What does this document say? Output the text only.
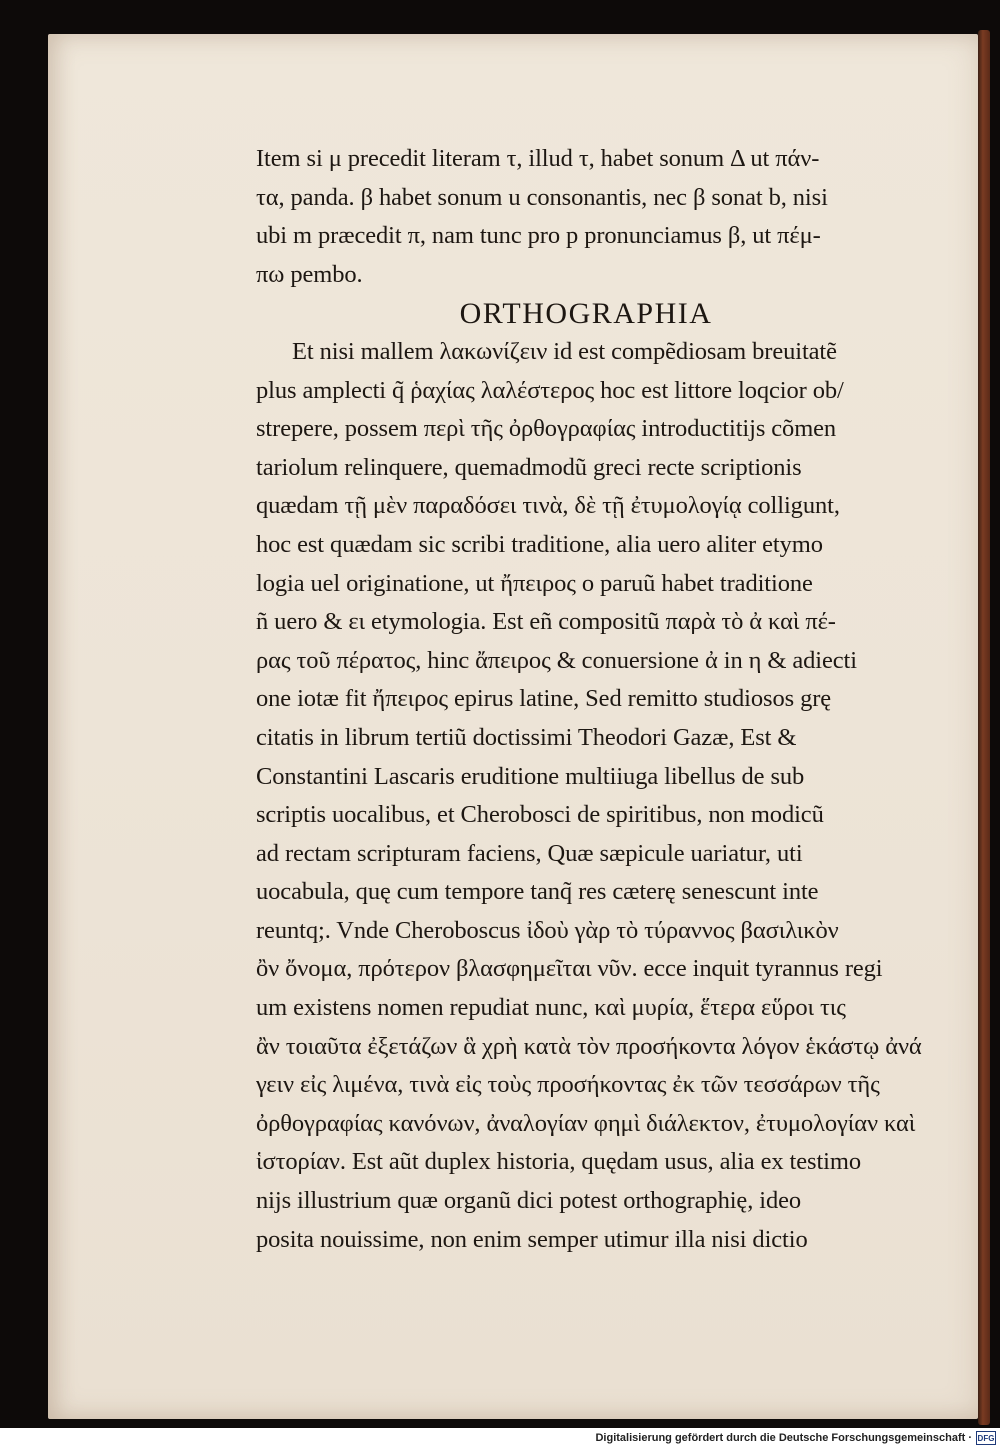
Item si μ precedit literam τ, illud τ, habet sonum Δ ut πάν-
τα, panda. β habet sonum u consonantis, nec β sonat b, nisi
ubi m præcedit π, nam tunc pro p pronunciamus β, ut πέμ-
πω pembo.
ORTHOGRAPHIA
Et nisi mallem λακωνίζειν id est compẽdiosam breuitatẽ
plus amplecti q̃ ῥαχίας λαλέστερος hoc est littore loqcior ob/
strepere, possem περὶ τῆς ὀρθογραφίας introductitijs cõmen
tariolum relinquere, quemadmodũ greci recte scriptionis
quædam τῇ μὲν παραδόσει τινὰ, δὲ τῇ ἐτυμολογίᾳ colligunt,
hoc est quædam sic scribi traditione, alia uero aliter etymo
logia uel originatione, ut ἤπειρος o paruũ habet traditione
ñ uero & ει etymologia. Est eñ compositũ παρὰ τὸ ἀ καὶ πέ-
ρας τοῦ πέρατος, hinc ἄπειρος & conuersione ἀ in η & adiecti
one iotæ fit ἤπειρος epirus latine, Sed remitto studiosos grę
citatis in librum tertiũ doctissimi Theodori Gazæ, Est &
Constantini Lascaris eruditione multiiuga libellus de sub
scriptis uocalibus, et Cherobosci de spiritibus, non modicũ
ad rectam scripturam faciens, Quæ sæpicule uariatur, uti
uocabula, quę cum tempore tanq̃ res cæterę senescunt inte
reuntq;. Vnde Cheroboscus ἰδοὺ γὰρ τὸ τύραννος βασιλικὸν
ὂν ὄνομα, πρότερον βλασφημεῖται νῦν. ecce inquit tyrannus regi
um existens nomen repudiat nunc, καὶ μυρία, ἕτερα εὕροι τις
ἂν τοιαῦτα ἐξετάζων ἃ χρὴ κατὰ τὸν προσήκοντα λόγον ἑκάστῳ ἀνά
γειν εἰς λιμένα, τινὰ εἰς τοὺς προσήκοντας ἐκ τῶν τεσσάρων τῆς
ὀρθογραφίας κανόνων, ἀναλογίαν φημὶ διάλεκτον, ἐτυμολογίαν καὶ
ἱστορίαν. Est aũt duplex historia, quędam usus, alia ex testimo
nijs illustrium quæ organũ dici potest orthographię, ideo
posita nouissime, non enim semper utimur illa nisi dictio
Digitalisierung gefördert durch die Deutsche Forschungsgemeinschaft · DFG
